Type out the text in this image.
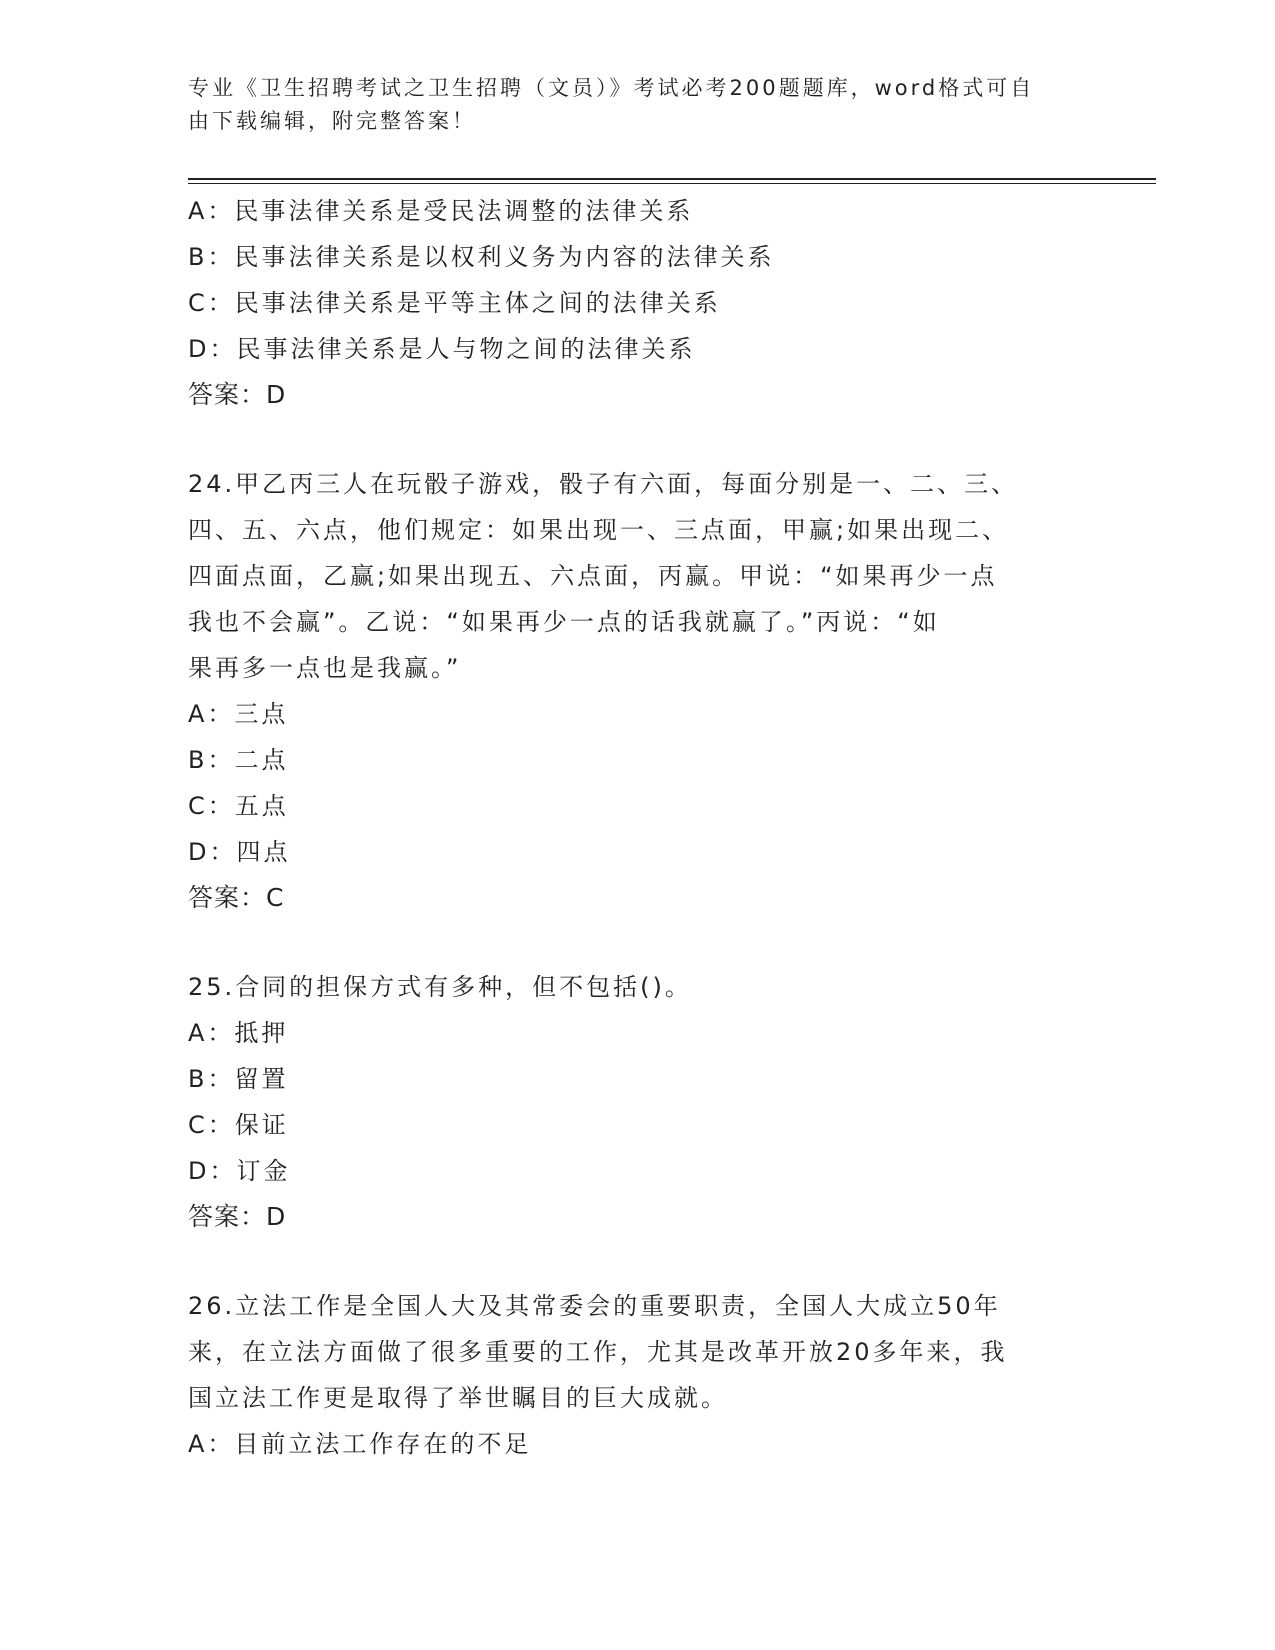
专业《卫生招聘考试之卫生招聘（文员）》考试必考200题题库，word格式可自
由下载编辑，附完整答案！
A：民事法律关系是受民法调整的法律关系
B：民事法律关系是以权利义务为内容的法律关系
C：民事法律关系是平等主体之间的法律关系
D：民事法律关系是人与物之间的法律关系
答案：D
24.甲乙丙三人在玩骰子游戏，骰子有六面，每面分别是一、二、三、
四、五、六点，他们规定：如果出现一、三点面，甲赢;如果出现二、
四面点面，乙赢;如果出现五、六点面，丙赢。甲说：“如果再少一点
我也不会赢”。乙说：“如果再少一点的话我就赢了。”丙说：“如
果再多一点也是我赢。”
A：三点
B：二点
C：五点
D：四点
答案：C
25.合同的担保方式有多种，但不包括()。
A：抵押
B：留置
C：保证
D：订金
答案：D
26.立法工作是全国人大及其常委会的重要职责，全国人大成立50年
来，在立法方面做了很多重要的工作，尤其是改革开放20多年来，我
国立法工作更是取得了举世瞩目的巨大成就。
A：目前立法工作存在的不足
